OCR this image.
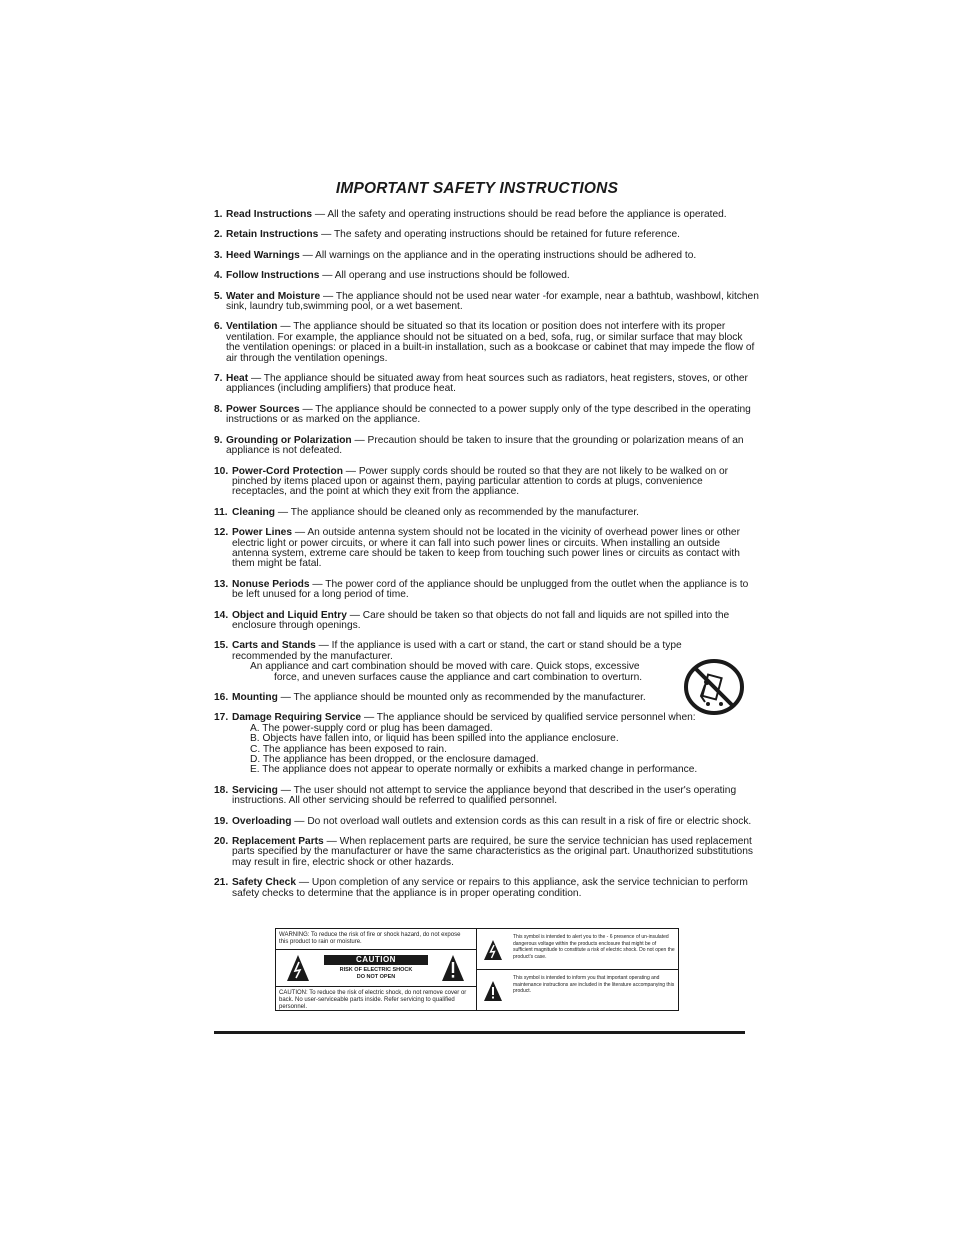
IMPORTANT SAFETY INSTRUCTIONS
1. Read Instructions — All the safety and operating instructions should be read before the appliance is operated.
2. Retain Instructions — The safety and operating instructions should be retained for future reference.
3. Heed Warnings — All warnings on the appliance and in the operating instructions should be adhered to.
4. Follow Instructions — All operang and use instructions should be followed.
5. Water and Moisture — The appliance should not be used near water -for example, near a bathtub, washbowl, kitchen sink, laundry tub,swimming pool, or a wet basement.
6. Ventilation — The appliance should be situated so that its location or position does not interfere with its proper ventilation. For example, the appliance should not be situated on a bed, sofa, rug, or similar surface that may block the ventilation openings: or placed in a built-in installation, such as a bookcase or cabinet that may impede the flow of air through the ventilation openings.
7. Heat — The appliance should be situated away from heat sources such as radiators, heat registers, stoves, or other appliances (including amplifiers) that produce heat.
8. Power Sources — The appliance should be connected to a power supply only of the type described in the operating instructions or as marked on the appliance.
9. Grounding or Polarization — Precaution should be taken to insure that the grounding or polarization means of an appliance is not defeated.
10. Power-Cord Protection — Power supply cords should be routed so that they are not likely to be walked on or pinched by items placed upon or against them, paying particular attention to cords at plugs, convenience receptacles, and the point at which they exit from the appliance.
11. Cleaning — The appliance should be cleaned only as recommended by the manufacturer.
12. Power Lines — An outside antenna system should not be located in the vicinity of overhead power lines or other electric light or power circuits, or where it can fall into such power lines or circuits. When installing an outside antenna system, extreme care should be taken to keep from touching such power lines or circuits as contact with them might be fatal.
13. Nonuse Periods — The power cord of the appliance should be unplugged from the outlet when the appliance is to be left unused for a long period of time.
14. Object and Liquid Entry — Care should be taken so that objects do not fall and liquids are not spilled into the enclosure through openings.
15. Carts and Stands — If the appliance is used with a cart or stand, the cart or stand should be a type recommended by the manufacturer.
An appliance and cart combination should be moved with care. Quick stops, excessive
force, and uneven surfaces cause the appliance and cart combination to overturn.
16. Mounting — The appliance should be mounted only as recommended by the manufacturer.
17. Damage Requiring Service — The appliance should be serviced by qualified service personnel when:
A. The power-supply cord or plug has been damaged.
B. Objects have fallen into, or liquid has been spilled into the appliance enclosure.
C. The appliance has been exposed to rain.
D. The appliance has been dropped, or the enclosure damaged.
E. The appliance does not appear to operate normally or exhibits a marked change in performance.
18. Servicing — The user should not attempt to service the appliance beyond that described in the user's operating instructions. All other servicing should be referred to qualified personnel.
19. Overloading — Do not overload wall outlets and extension cords as this can result in a risk of fire or electric shock.
20. Replacement Parts — When replacement parts are required, be sure the service technician has used replacement parts specified by the manufacturer or have the same characteristics as the original part. Unauthorized substitutions may result in fire, electric shock or other hazards.
21. Safety Check — Upon completion of any service or repairs to this appliance, ask the service technician to perform safety checks to determine that the appliance is in proper operating condition.
WARNING: To reduce the risk of fire or shock hazard, do not expose this product to rain or moisture.
CAUTION
RISK OF ELECTRIC SHOCK
DO NOT OPEN
CAUTION: To reduce the risk of electric shock, do not remove cover or back. No user-serviceable parts inside. Refer servicing to qualified personnel.
This symbol is intended to alert you to the - 6 presence of un-insulated dangerous voltage within the products enclosure that might be of sufficient magnitude to constitute a risk of electric shock. Do not open the product's case.
This symbol is intended to inform you that important operating and maintenance instructions are included in the literature accompanying this product.
